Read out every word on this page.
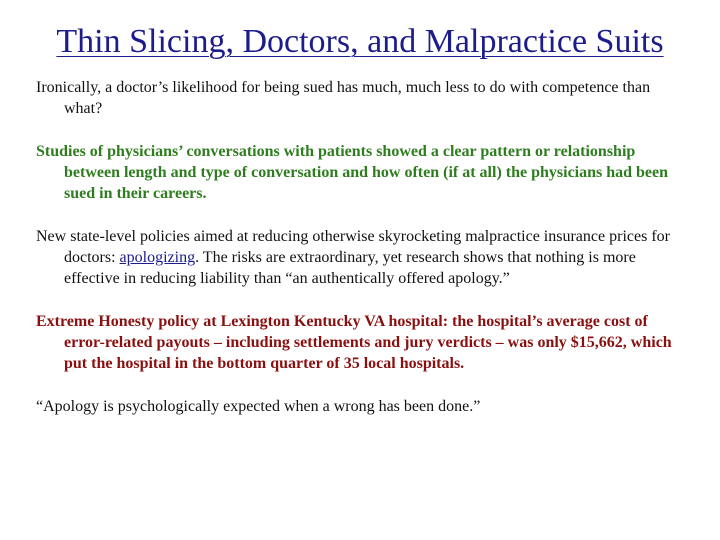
Thin Slicing, Doctors, and Malpractice Suits

Ironically, a doctor’s likelihood for being sued has much, much less to do with competence than what?

Studies of physicians’ conversations with patients showed a clear pattern or relationship between length and type of conversation and how often (if at all) the physicians had been sued in their careers.

New state-level policies aimed at reducing otherwise skyrocketing malpractice insurance prices for doctors: apologizing. The risks are extraordinary, yet research shows that nothing is more effective in reducing liability than “an authentically offered apology.”

Extreme Honesty policy at Lexington Kentucky VA hospital: the hospital’s average cost of error-related payouts – including settlements and jury verdicts – was only $15,662, which put the hospital in the bottom quarter of 35 local hospitals.

“Apology is psychologically expected when a wrong has been done.”
